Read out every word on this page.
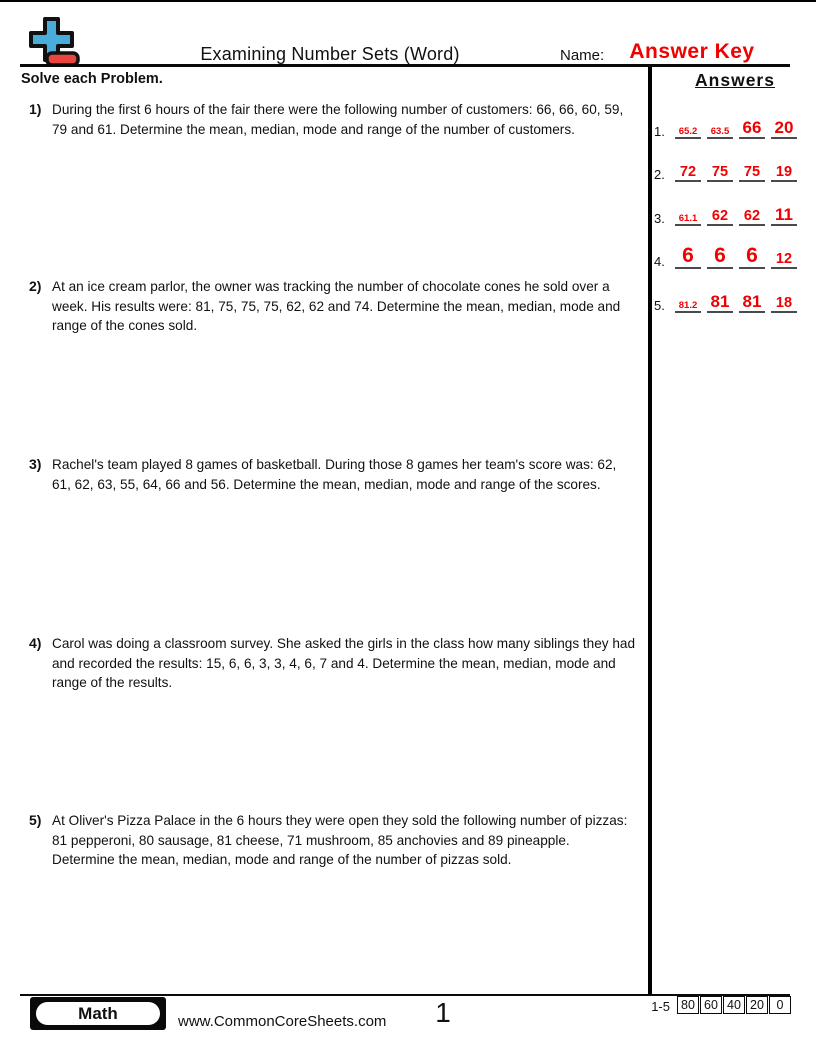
Examining Number Sets (Word)	Name:	Answer Key
Solve each Problem.
1) During the first 6 hours of the fair there were the following number of customers: 66, 66, 60, 59, 79 and 61. Determine the mean, median, mode and range of the number of customers.
2) At an ice cream parlor, the owner was tracking the number of chocolate cones he sold over a week. His results were: 81, 75, 75, 75, 62, 62 and 74. Determine the mean, median, mode and range of the cones sold.
3) Rachel's team played 8 games of basketball. During those 8 games her team's score was: 62, 61, 62, 63, 55, 64, 66 and 56. Determine the mean, median, mode and range of the scores.
4) Carol was doing a classroom survey. She asked the girls in the class how many siblings they had and recorded the results: 15, 6, 6, 3, 3, 4, 6, 7 and 4. Determine the mean, median, mode and range of the results.
5) At Oliver's Pizza Palace in the 6 hours they were open they sold the following number of pizzas: 81 pepperoni, 80 sausage, 81 cheese, 71 mushroom, 85 anchovies and 89 pineapple. Determine the mean, median, mode and range of the number of pizzas sold.
Answers
1.	65.2	63.5 66 20
2.	72	75	75	19
3.	61.1	62	62 11
4. 6 6 6	12
5.	81.2 81 81 18
Math	www.CommonCoreSheets.com	1	1-5 80 60 40 20	0
